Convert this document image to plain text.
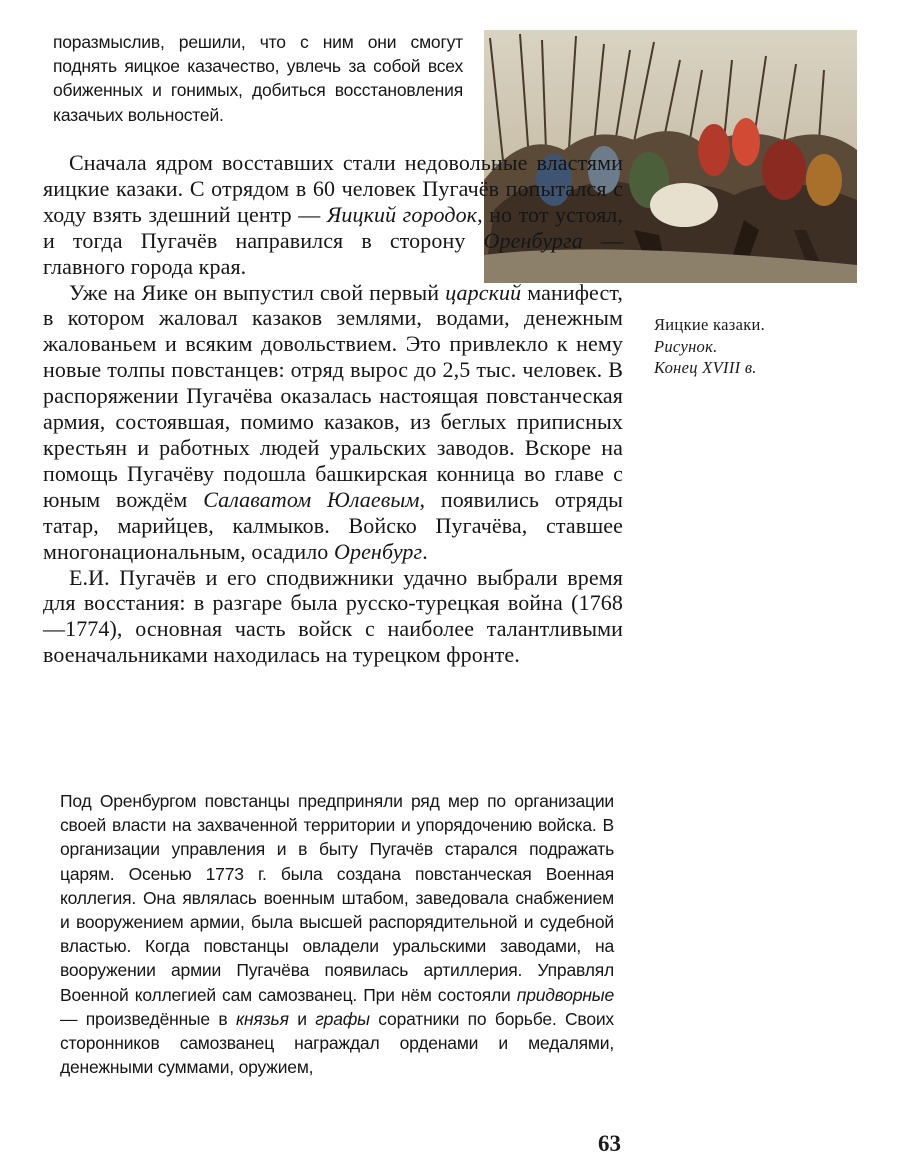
поразмыслив, решили, что с ним они смогут поднять яицкое казачество, увлечь за собой всех обиженных и гонимых, добиться восстановления казачьих вольностей.

Сначала ядром восставших стали недовольные властями яицкие казаки. С отрядом в 60 человек Пугачёв попытался с ходу взять здешний центр — Яицкий городок, но тот устоял, и тогда Пугачёв направился в сторону Оренбурга — главного города края.

Уже на Яике он выпустил свой первый царский манифест, в котором жаловал казаков землями, водами, денежным жалованьем и всяким довольствием. Это привлекло к нему новые толпы повстанцев: отряд вырос до 2,5 тыс. человек. В распоряжении Пугачёва оказалась настоящая повстанческая армия, состоявшая, помимо казаков, из беглых приписных крестьян и работных людей уральских заводов. Вскоре на помощь Пугачёву подошла башкирская конница во главе с юным вождём Салаватом Юлаевым, появились отряды татар, марийцев, калмыков. Войско Пугачёва, ставшее многонациональным, осадило Оренбург.

Е.И. Пугачёв и его сподвижники удачно выбрали время для восстания: в разгаре была русско-турецкая война (1768—1774), основная часть войск с наиболее талантливыми военачальниками находилась на турецком фронте.

Яицкие казаки.
Рисунок.
Конец XVIII в.

Под Оренбургом повстанцы предприняли ряд мер по организации своей власти на захваченной территории и упорядочению войска. В организации управления и в быту Пугачёв старался подражать царям. Осенью 1773 г. была создана повстанческая Военная коллегия. Она являлась военным штабом, заведовала снабжением и вооружением армии, была высшей распорядительной и судебной властью. Когда повстанцы овладели уральскими заводами, на вооружении армии Пугачёва появилась артиллерия. Управлял Военной коллегией сам самозванец. При нём состояли придворные — произведённые в князья и графы соратники по борьбе. Своих сторонников самозванец награждал орденами и медалями, денежными суммами, оружием,

63
